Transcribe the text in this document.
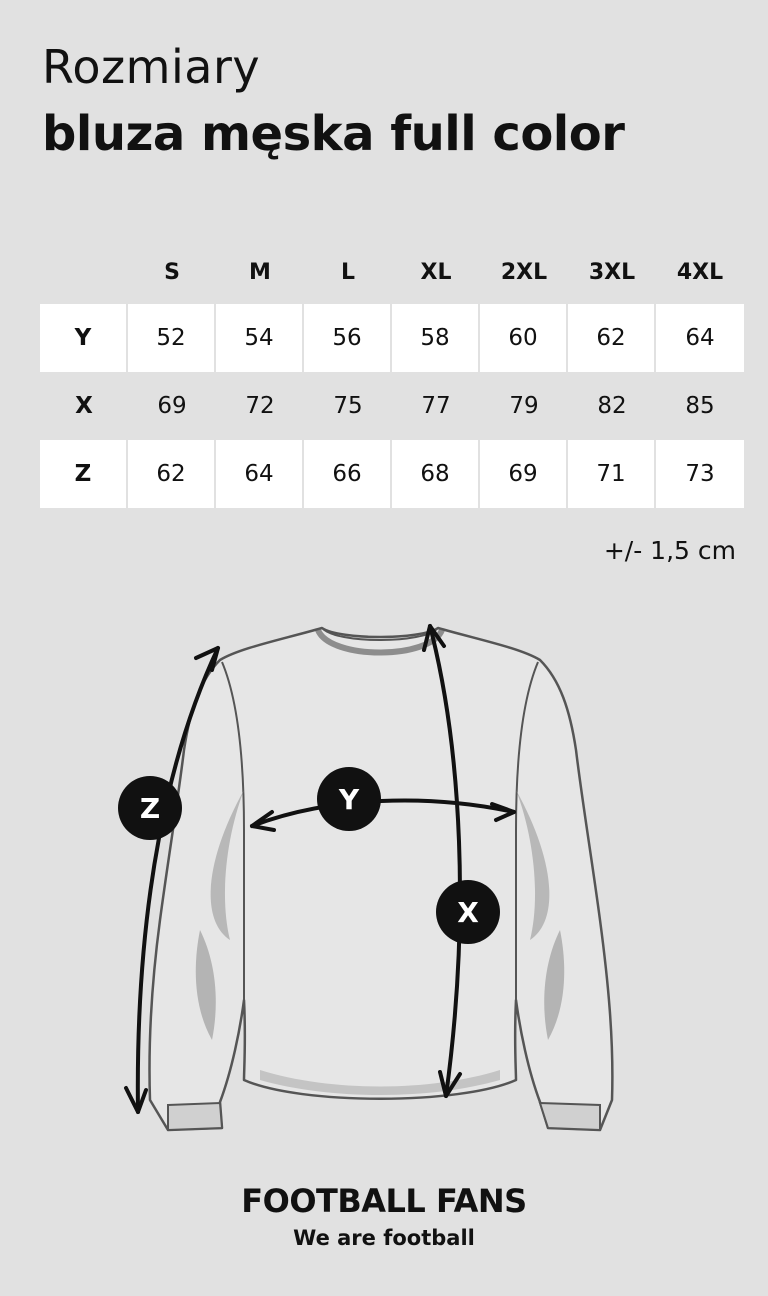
Rozmiary
bluza męska full color
S	M	L	XL	2XL	3XL	4XL
Y	52	54	56	58	60	62	64
X	69	72	75	77	79	82	85
Z	62	64	66	68	69	71	73

+/- 1,5 cm

Z	Y
X

FOOTBALL FANS

We are football
